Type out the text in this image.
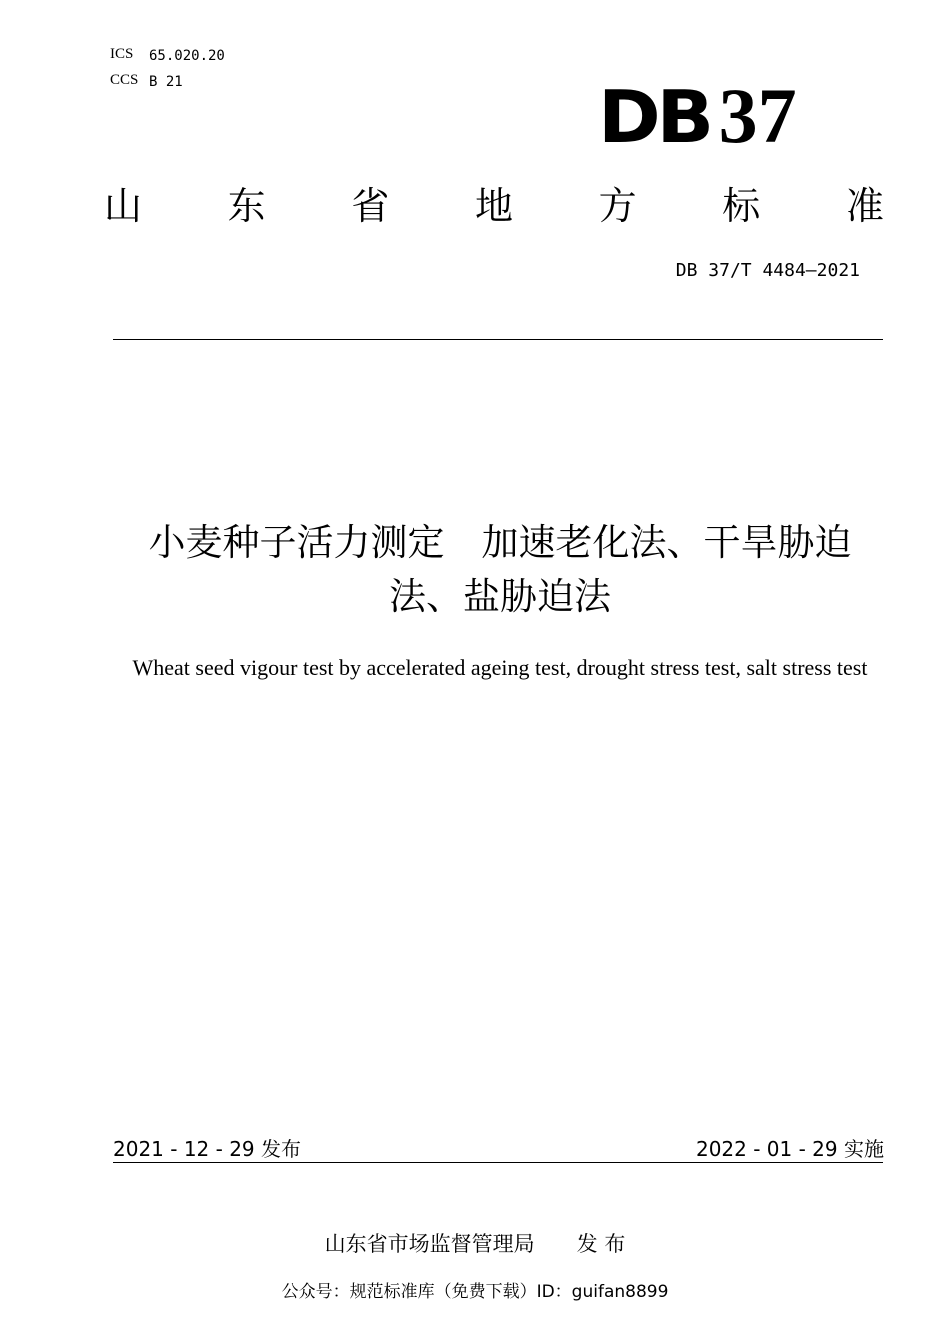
ICS 65.020.20
CCS B 21	DB 37
山 东 省 地 方 标 准
DB 37/T 4484—2021
小麦种子活力测定　加速老化法、干旱胁迫
法、盐胁迫法
Wheat seed vigour test by accelerated ageing test, drought stress test, salt stress test
2021 - 12 - 29 发布	2022 - 01 - 29 实施
山东省市场监督管理局　　发 布
公众号：规范标准库（免费下载）ID：guifan8899
